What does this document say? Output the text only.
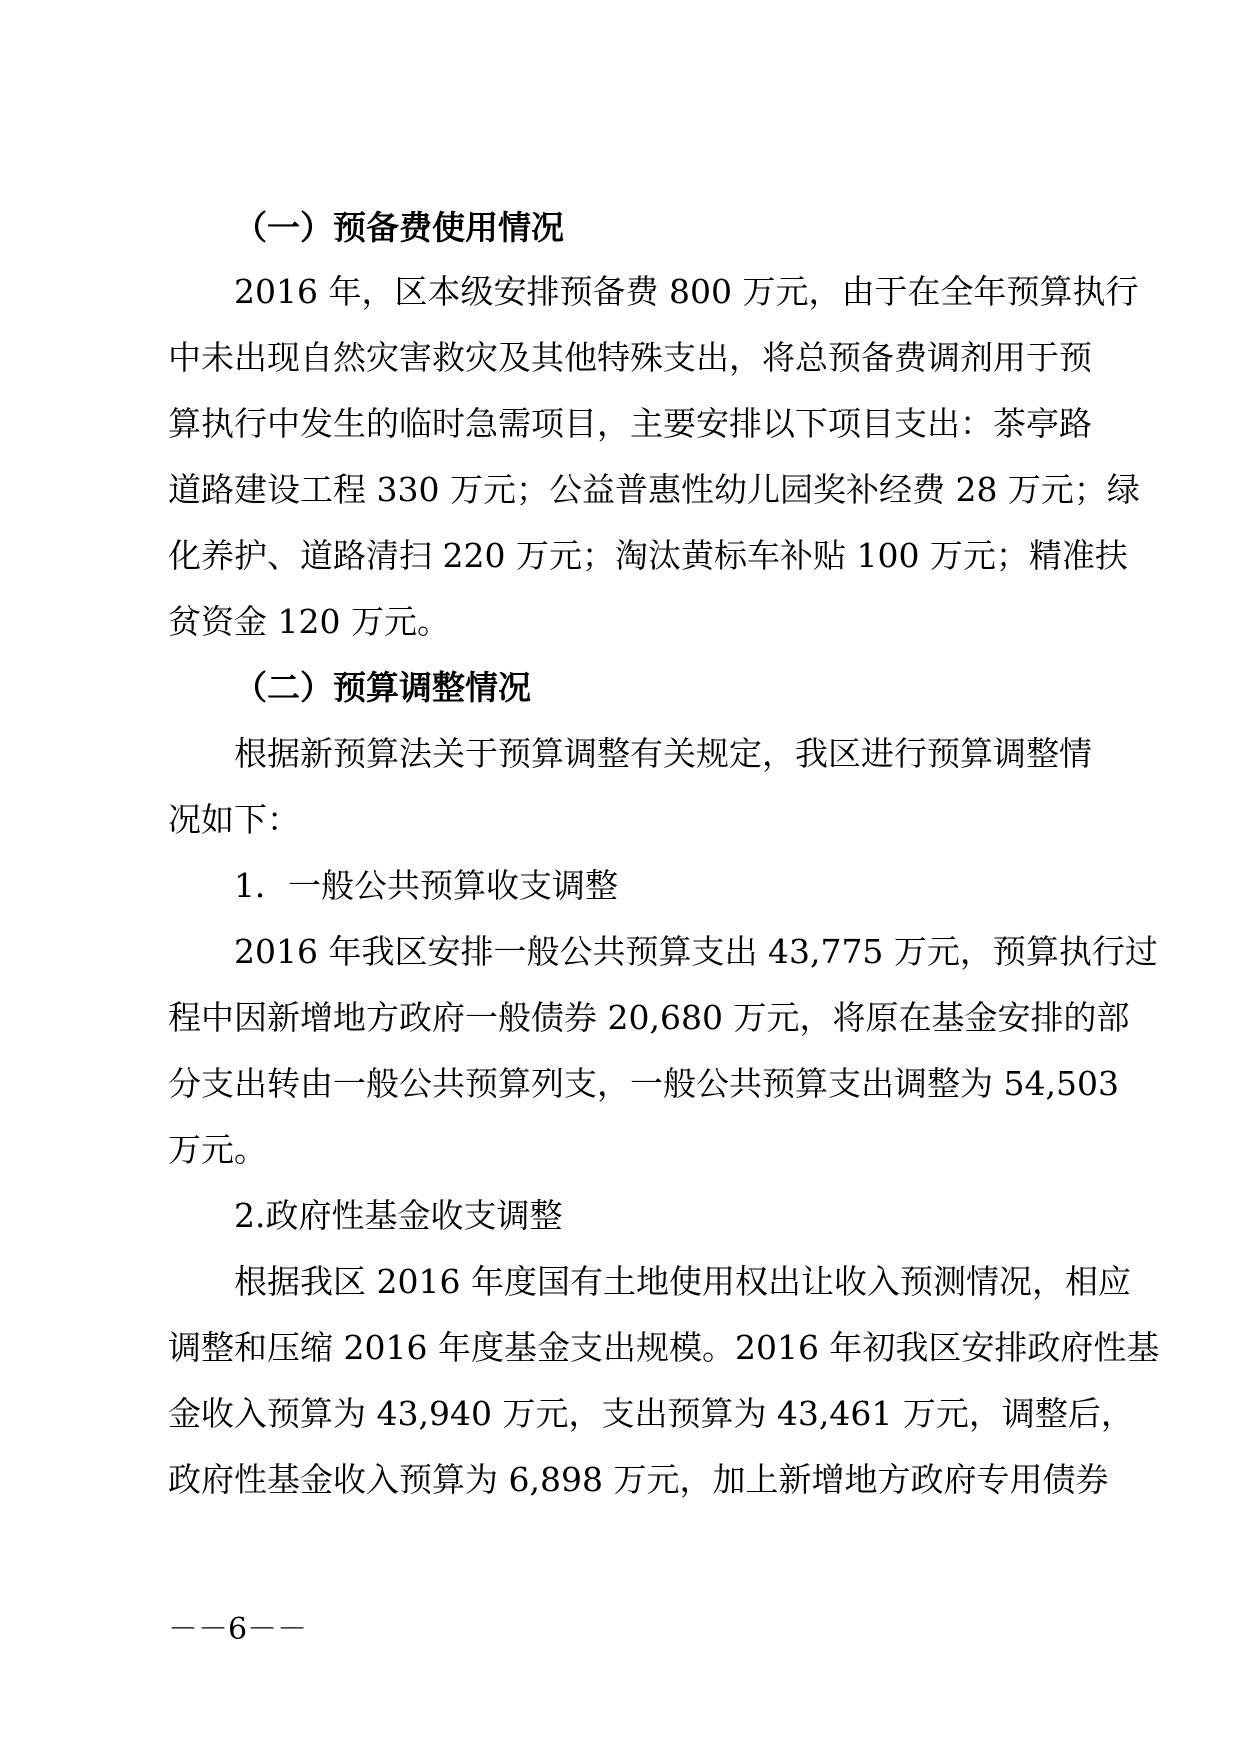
（一）预备费使用情况
2016 年，区本级安排预备费 800 万元，由于在全年预算执行
中未出现自然灾害救灾及其他特殊支出，将总预备费调剂用于预
算执行中发生的临时急需项目，主要安排以下项目支出：茶亭路
道路建设工程 330 万元；公益普惠性幼儿园奖补经费 28 万元；绿
化养护、道路清扫 220 万元；淘汰黄标车补贴 100 万元；精准扶
贫资金 120 万元。
（二）预算调整情况
根据新预算法关于预算调整有关规定，我区进行预算调整情
况如下：
1．一般公共预算收支调整
2016 年我区安排一般公共预算支出 43,775 万元，预算执行过
程中因新增地方政府一般债券 20,680 万元，将原在基金安排的部
分支出转由一般公共预算列支，一般公共预算支出调整为 54,503
万元。
2.政府性基金收支调整
根据我区 2016 年度国有土地使用权出让收入预测情况，相应
调整和压缩 2016 年度基金支出规模。2016 年初我区安排政府性基
金收入预算为 43,940 万元，支出预算为 43,461 万元，调整后，
政府性基金收入预算为 6,898 万元，加上新增地方政府专用债券
－－6－－
